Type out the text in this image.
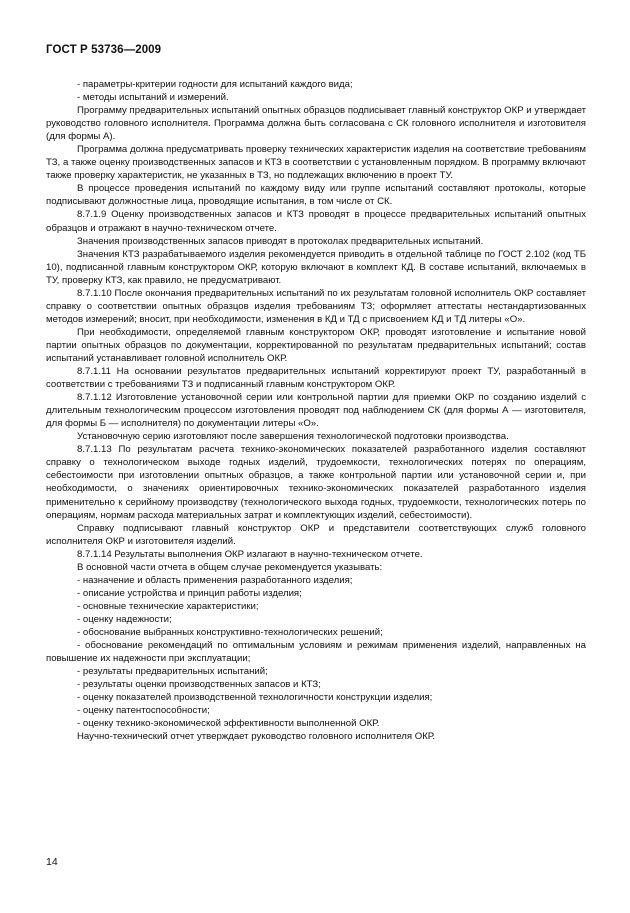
ГОСТ Р 53736—2009

- параметры-критерии годности для испытаний каждого вида;

- методы испытаний и измерений.

Программу предварительных испытаний опытных образцов подписывает главный конструктор ОКР и утверждает руководство головного исполнителя. Программа должна быть согласована с СК головного исполнителя и изготовителя (для формы А).

Программа должна предусматривать проверку технических характеристик изделия на соответствие требованиям ТЗ, а также оценку производственных запасов и КТЗ в соответствии с установленным порядком. В программу включают также проверку характеристик, не указанных в ТЗ, но подлежащих включению в проект ТУ.

В процессе проведения испытаний по каждому виду или группе испытаний составляют протоколы, которые подписывают должностные лица, проводящие испытания, в том числе от СК.

8.7.1.9 Оценку производственных запасов и КТЗ проводят в процессе предварительных испытаний опытных образцов и отражают в научно-техническом отчете.

Значения производственных запасов приводят в протоколах предварительных испытаний.

Значения КТЗ разрабатываемого изделия рекомендуется приводить в отдельной таблице по ГОСТ 2.102 (код ТБ 10), подписанной главным конструктором ОКР, которую включают в комплект КД. В составе испытаний, включаемых в ТУ, проверку КТЗ, как правило, не предусматривают.

8.7.1.10 После окончания предварительных испытаний по их результатам головной исполнитель ОКР составляет справку о соответствии опытных образцов изделия требованиям ТЗ; оформляет аттестаты нестандартизованных методов измерений; вносит, при необходимости, изменения в КД и ТД с присвоением КД и ТД литеры «О».

При необходимости, определяемой главным конструктором ОКР, проводят изготовление и испытание новой партии опытных образцов по документации, корректированной по результатам предварительных испытаний; состав испытаний устанавливает головной исполнитель ОКР.

8.7.1.11 На основании результатов предварительных испытаний корректируют проект ТУ, разработанный в соответствии с требованиями ТЗ и подписанный главным конструктором ОКР.

8.7.1.12 Изготовление установочной серии или контрольной партии для приемки ОКР по созданию изделий с длительным технологическим процессом изготовления проводят под наблюдением СК (для формы А — изготовителя, для формы Б — исполнителя) по документации литеры «О».

Установочную серию изготовляют после завершения технологической подготовки производства.

8.7.1.13 По результатам расчета технико-экономических показателей разработанного изделия составляют справку о технологическом выходе годных изделий, трудоемкости, технологических потерях по операциям, себестоимости при изготовлении опытных образцов, а также контрольной партии или установочной серии и, при необходимости, о значениях ориентировочных технико-экономических показателей разработанного изделия применительно к серийному производству (технологического выхода годных, трудоемкости, технологических потерь по операциям, нормам расхода материальных затрат и комплектующих изделий, себестоимости).

Справку подписывают главный конструктор ОКР и представители соответствующих служб головного исполнителя ОКР и изготовителя изделий.

8.7.1.14 Результаты выполнения ОКР излагают в научно-техническом отчете.

В основной части отчета в общем случае рекомендуется указывать:

- назначение и область применения разработанного изделия;

- описание устройства и принцип работы изделия;

- основные технические характеристики;

- оценку надежности;

- обоснование выбранных конструктивно-технологических решений;

- обоснование рекомендаций по оптимальным условиям и режимам применения изделий, направленных на повышение их надежности при эксплуатации;

- результаты предварительных испытаний;

- результаты оценки производственных запасов и КТЗ;

- оценку показателей производственной технологичности конструкции изделия;

- оценку патентоспособности;

- оценку технико-экономической эффективности выполненной ОКР.

Научно-технический отчет утверждает руководство головного исполнителя ОКР.

14
